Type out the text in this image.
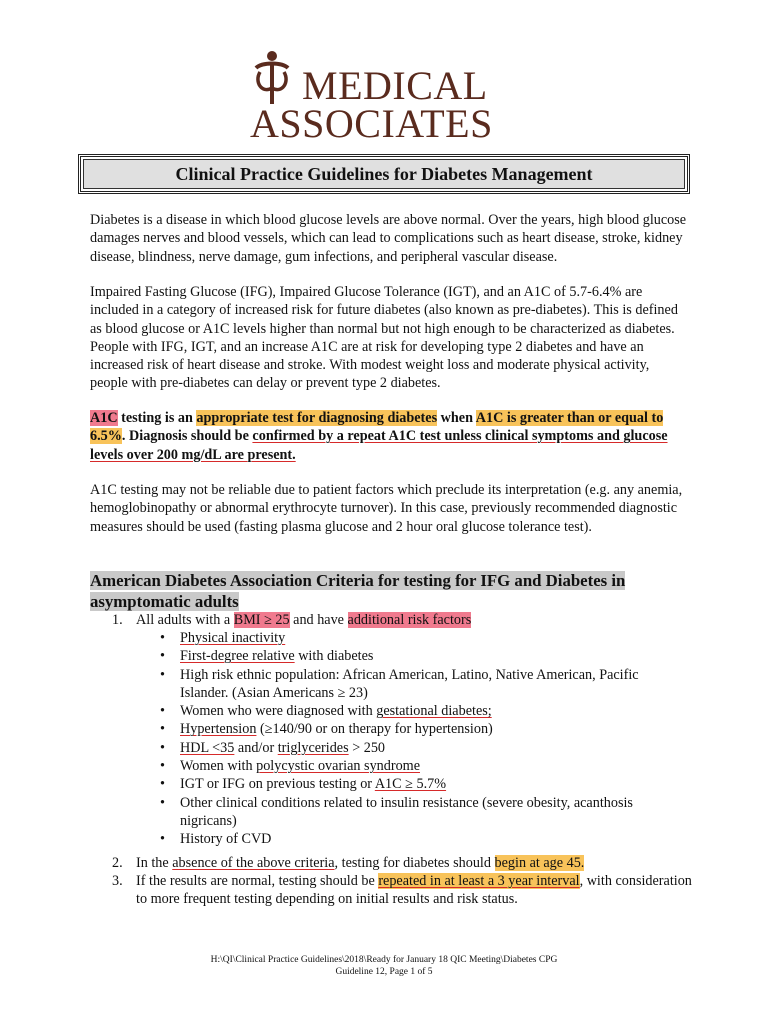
MEDICAL
ASSOCIATES
Clinical Practice Guidelines for Diabetes Management
Diabetes is a disease in which blood glucose levels are above normal. Over the years, high blood glucose damages nerves and blood vessels, which can lead to complications such as heart disease, stroke, kidney disease, blindness, nerve damage, gum infections, and peripheral vascular disease.
Impaired Fasting Glucose (IFG), Impaired Glucose Tolerance (IGT), and an A1C of 5.7-6.4% are included in a category of increased risk for future diabetes (also known as pre-diabetes). This is defined as blood glucose or A1C levels higher than normal but not high enough to be characterized as diabetes. People with IFG, IGT, and an increase A1C are at risk for developing type 2 diabetes and have an increased risk of heart disease and stroke. With modest weight loss and moderate physical activity, people with pre-diabetes can delay or prevent type 2 diabetes.
A1C testing is an appropriate test for diagnosing diabetes when A1C is greater than or equal to 6.5%. Diagnosis should be confirmed by a repeat A1C test unless clinical symptoms and glucose levels over 200 mg/dL are present.
A1C testing may not be reliable due to patient factors which preclude its interpretation (e.g. any anemia, hemoglobinopathy or abnormal erythrocyte turnover). In this case, previously recommended diagnostic measures should be used (fasting plasma glucose and 2 hour oral glucose tolerance test).
American Diabetes Association Criteria for testing for IFG and Diabetes in
asymptomatic adults
1. All adults with a BMI ≥ 25 and have additional risk factors
• Physical inactivity
• First-degree relative with diabetes
• High risk ethnic population: African American, Latino, Native American, Pacific Islander. (Asian Americans ≥ 23)
• Women who were diagnosed with gestational diabetes;
• Hypertension (≥140/90 or on therapy for hypertension)
• HDL <35 and/or triglycerides > 250
• Women with polycystic ovarian syndrome
• IGT or IFG on previous testing or A1C ≥ 5.7%
• Other clinical conditions related to insulin resistance (severe obesity, acanthosis nigricans)
• History of CVD
2. In the absence of the above criteria, testing for diabetes should begin at age 45.
3. If the results are normal, testing should be repeated in at least a 3 year interval, with consideration to more frequent testing depending on initial results and risk status.
H:\QI\Clinical Practice Guidelines\2018\Ready for January 18 QIC Meeting\Diabetes CPG
Guideline 12, Page 1 of 5
